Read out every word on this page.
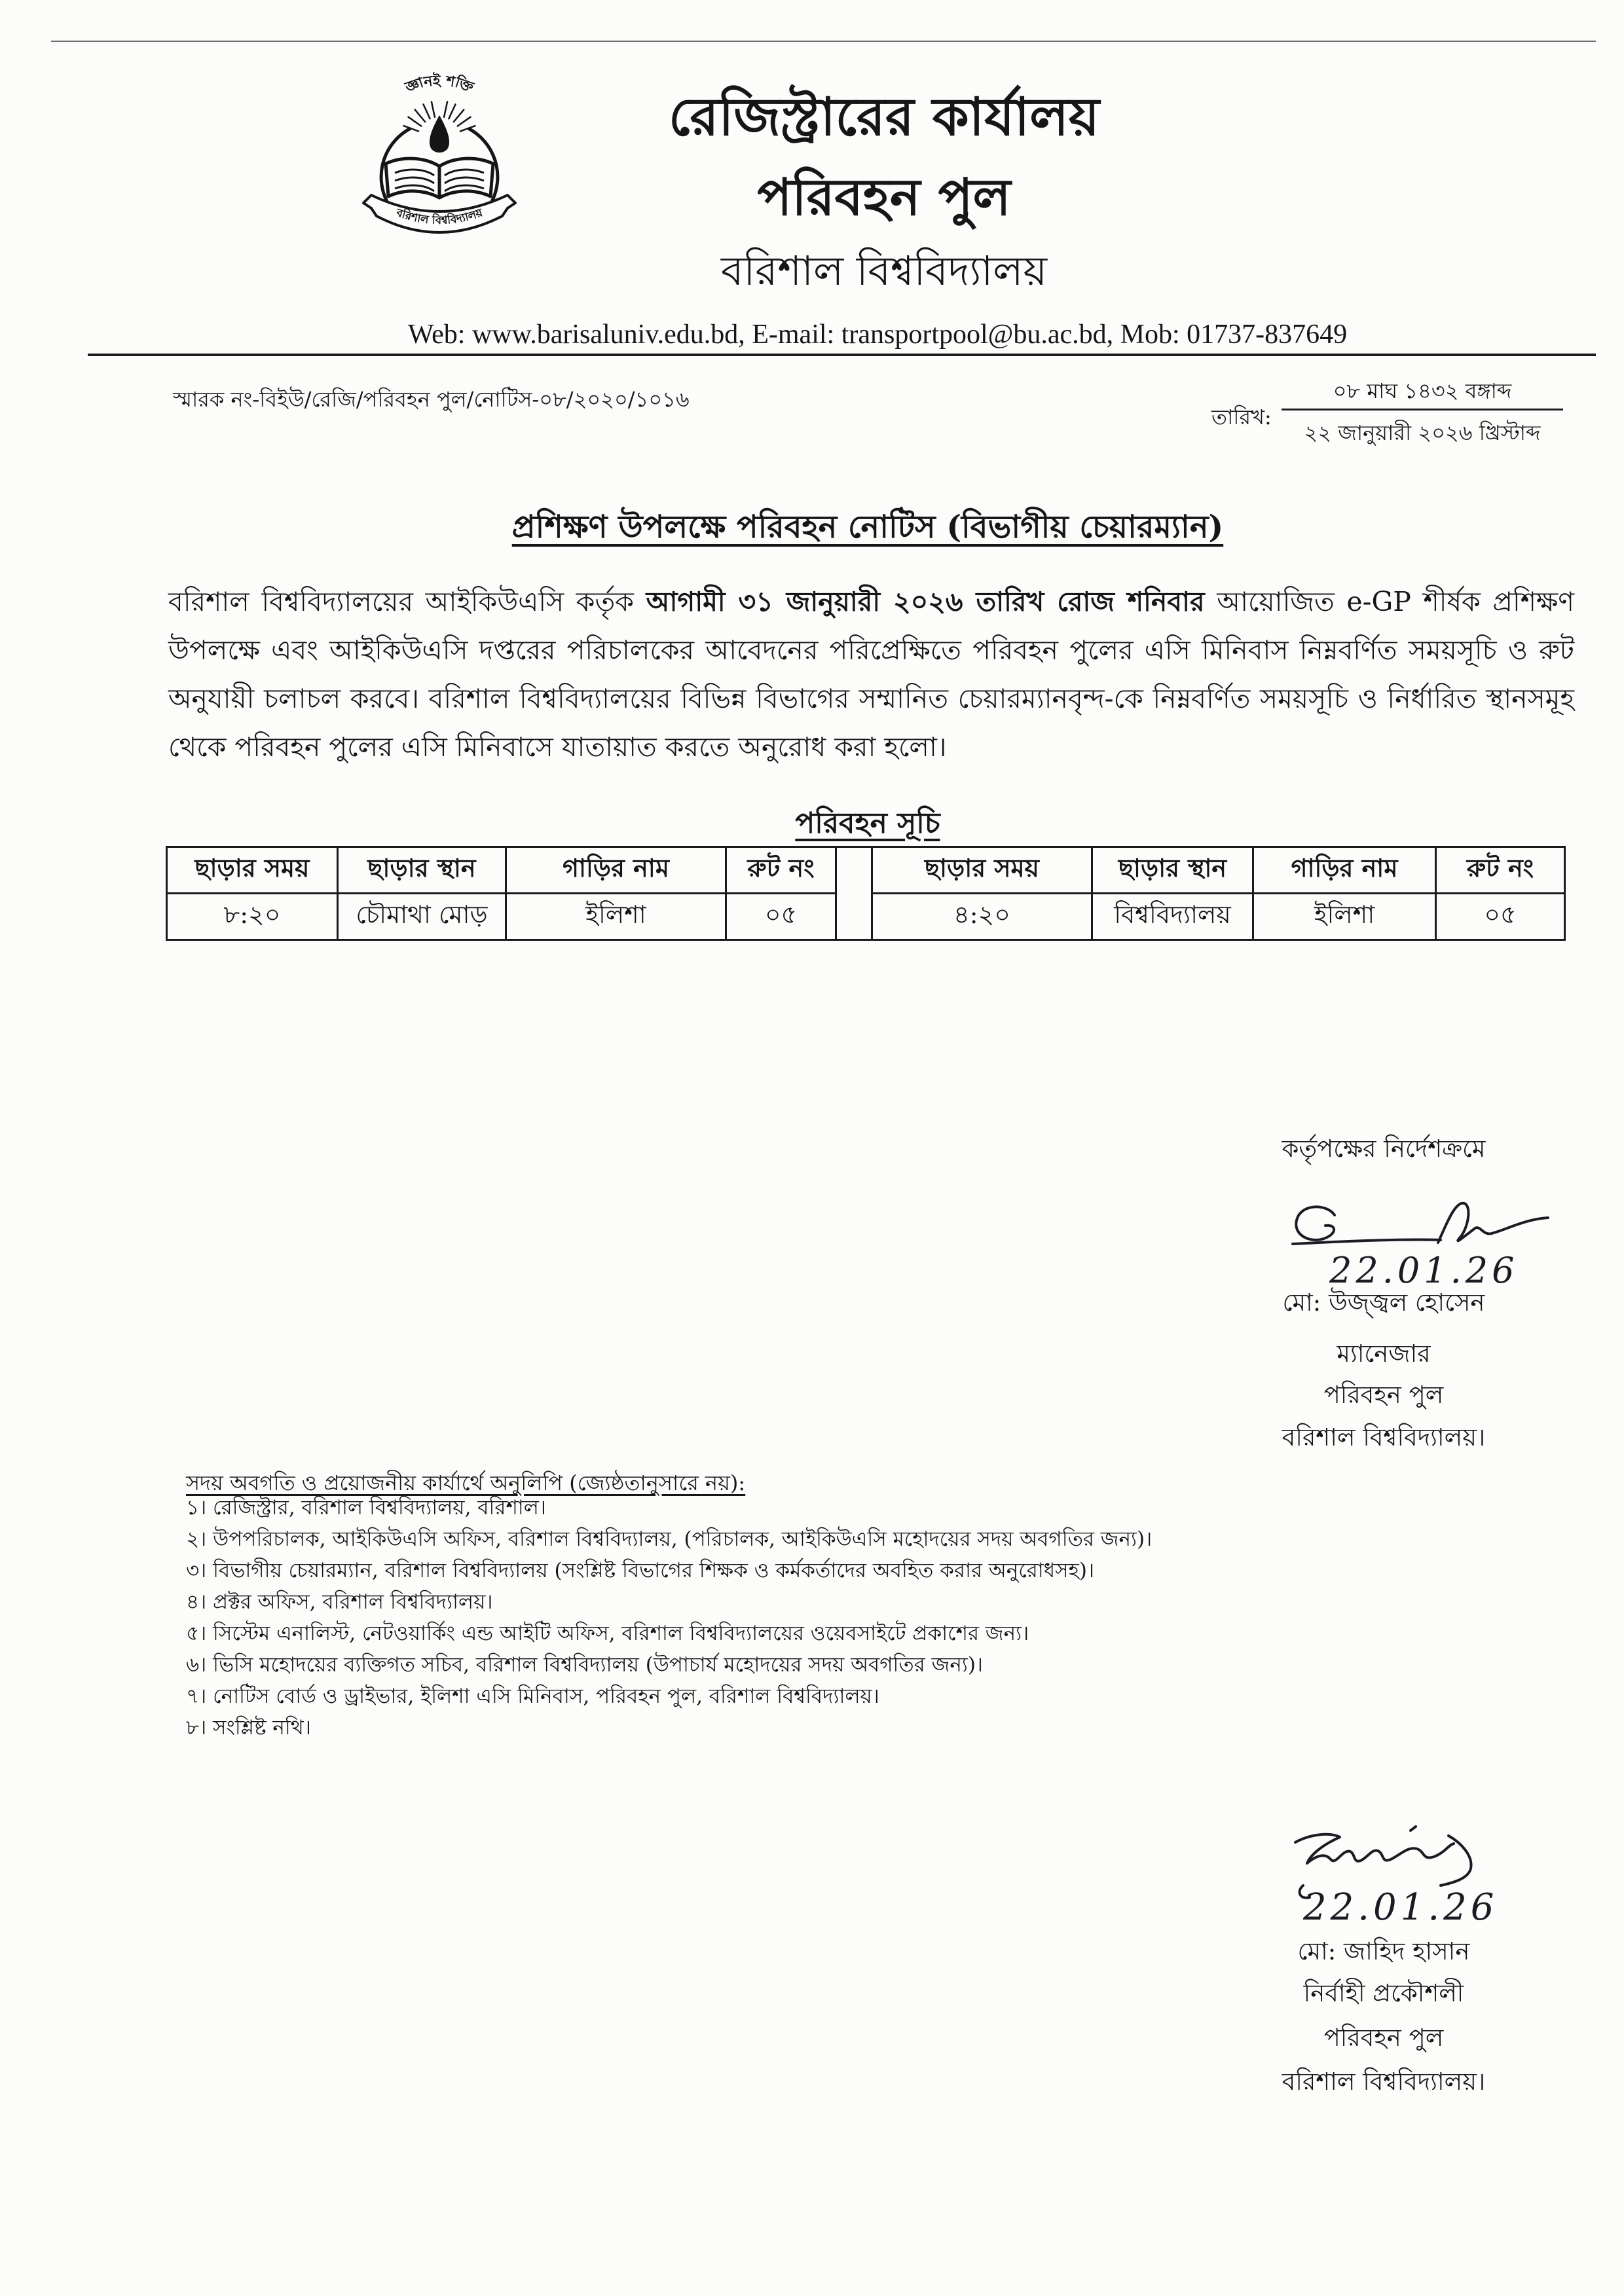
জ্ঞানই শক্তি
বরিশাল বিশ্ববিদ্যালয়
রেজিস্ট্রারের কার্যালয়
পরিবহন পুল
বরিশাল বিশ্ববিদ্যালয়
Web: www.barisaluniv.edu.bd, E-mail: transportpool@bu.ac.bd, Mob: 01737-837649
স্মারক নং-বিইউ/রেজি/পরিবহন পুল/নোটিস-০৮/২০২০/১০১৬
তারিখ:
০৮ মাঘ ১৪৩২ বঙ্গাব্দ
২২ জানুয়ারী ২০২৬ খ্রিস্টাব্দ
প্রশিক্ষণ উপলক্ষে পরিবহন নোটিস (বিভাগীয় চেয়ারম্যান)
বরিশাল বিশ্ববিদ্যালয়ের আইকিউএসি কর্তৃক আগামী ৩১ জানুয়ারী ২০২৬ তারিখ রোজ শনিবার আয়োজিত e-GP শীর্ষক প্রশিক্ষণ উপলক্ষে এবং আইকিউএসি দপ্তরের পরিচালকের আবেদনের পরিপ্রেক্ষিতে পরিবহন পুলের এসি মিনিবাস নিম্নবর্ণিত সময়সূচি ও রুট অনুযায়ী চলাচল করবে। বরিশাল বিশ্ববিদ্যালয়ের বিভিন্ন বিভাগের সম্মানিত চেয়ারম্যানবৃন্দ-কে নিম্নবর্ণিত সময়সূচি ও নির্ধারিত স্থানসমূহ থেকে পরিবহন পুলের এসি মিনিবাসে যাতায়াত করতে অনুরোধ করা হলো।
পরিবহন সূচি
ছাড়ার সময়	ছাড়ার স্থান	গাড়ির নাম	রুট নং		ছাড়ার সময়	ছাড়ার স্থান	গাড়ির নাম	রুট নং
৮:২০	চৌমাথা মোড়	ইলিশা	০৫		৪:২০	বিশ্ববিদ্যালয়	ইলিশা	০৫
কর্তৃপক্ষের নির্দেশক্রমে
22.01.26
মো: উজ্জ্বল হোসেন
ম্যানেজার
পরিবহন পুল
বরিশাল বিশ্ববিদ্যালয়।
সদয় অবগতি ও প্রয়োজনীয় কার্যার্থে অনুলিপি (জ্যেষ্ঠতানুসারে নয়):
১। রেজিস্ট্রার, বরিশাল বিশ্ববিদ্যালয়, বরিশাল।
২। উপপরিচালক, আইকিউএসি অফিস, বরিশাল বিশ্ববিদ্যালয়, (পরিচালক, আইকিউএসি মহোদয়ের সদয় অবগতির জন্য)।
৩। বিভাগীয় চেয়ারম্যান, বরিশাল বিশ্ববিদ্যালয় (সংশ্লিষ্ট বিভাগের শিক্ষক ও কর্মকর্তাদের অবহিত করার অনুরোধসহ)।
৪। প্রক্টর অফিস, বরিশাল বিশ্ববিদ্যালয়।
৫। সিস্টেম এনালিস্ট, নেটওয়ার্কিং এন্ড আইটি অফিস, বরিশাল বিশ্ববিদ্যালয়ের ওয়েবসাইটে প্রকাশের জন্য।
৬। ভিসি মহোদয়ের ব্যক্তিগত সচিব, বরিশাল বিশ্ববিদ্যালয় (উপাচার্য মহোদয়ের সদয় অবগতির জন্য)।
৭। নোটিস বোর্ড ও ড্রাইভার, ইলিশা এসি মিনিবাস, পরিবহন পুল, বরিশাল বিশ্ববিদ্যালয়।
৮। সংশ্লিষ্ট নথি।
22.01.26
মো: জাহিদ হাসান
নির্বাহী প্রকৌশলী
পরিবহন পুল
বরিশাল বিশ্ববিদ্যালয়।
